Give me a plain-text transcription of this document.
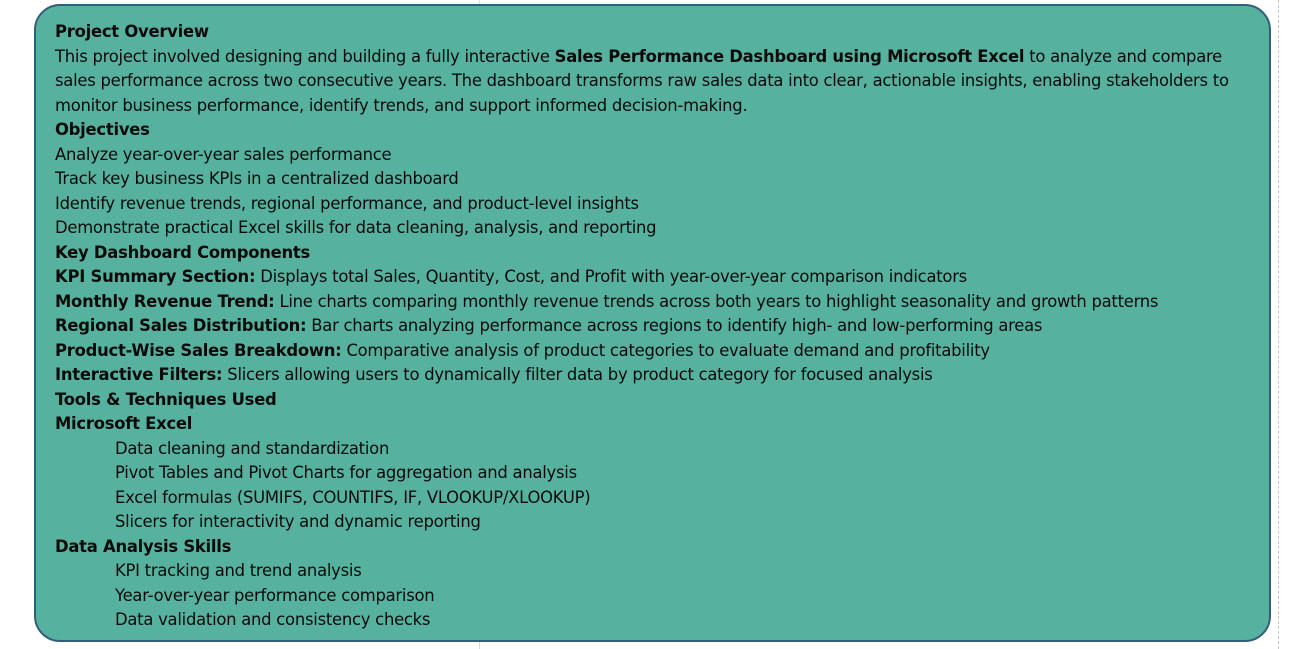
Project Overview

This project involved designing and building a fully interactive Sales Performance Dashboard using Microsoft Excel to analyze and compare sales performance across two consecutive years. The dashboard transforms raw sales data into clear, actionable insights, enabling stakeholders to monitor business performance, identify trends, and support informed decision-making.

Objectives

Analyze year-over-year sales performance

Track key business KPIs in a centralized dashboard

Identify revenue trends, regional performance, and product-level insights

Demonstrate practical Excel skills for data cleaning, analysis, and reporting

Key Dashboard Components

KPI Summary Section: Displays total Sales, Quantity, Cost, and Profit with year-over-year comparison indicators

Monthly Revenue Trend: Line charts comparing monthly revenue trends across both years to highlight seasonality and growth patterns

Regional Sales Distribution: Bar charts analyzing performance across regions to identify high- and low-performing areas

Product-Wise Sales Breakdown: Comparative analysis of product categories to evaluate demand and profitability

Interactive Filters: Slicers allowing users to dynamically filter data by product category for focused analysis

Tools & Techniques Used

Microsoft Excel

Data cleaning and standardization

Pivot Tables and Pivot Charts for aggregation and analysis

Excel formulas (SUMIFS, COUNTIFS, IF, VLOOKUP/XLOOKUP)

Slicers for interactivity and dynamic reporting

Data Analysis Skills

KPI tracking and trend analysis

Year-over-year performance comparison

Data validation and consistency checks
